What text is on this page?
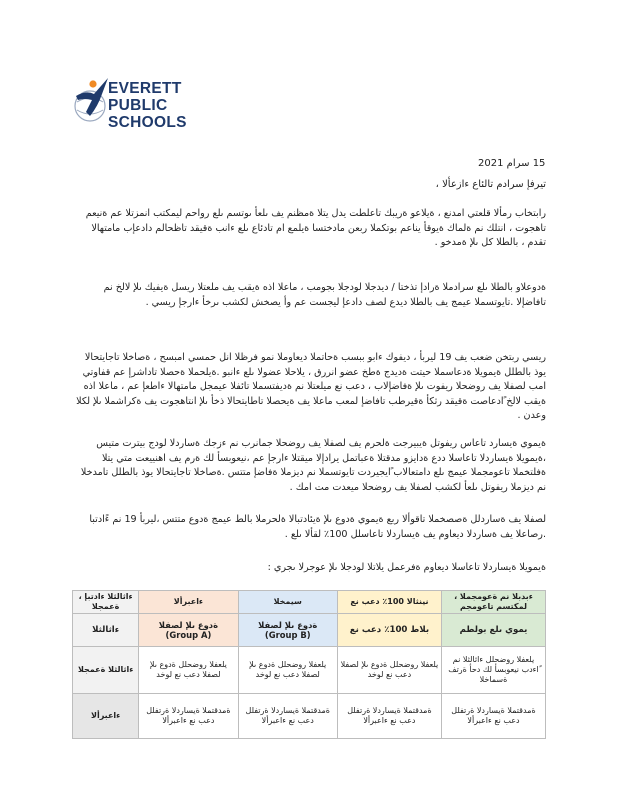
EVERETT
PUBLIC
SCHOOLS
15 سرام 2021
تيرفإ سرادم تالئاع ءازعألا ،
رابتخاب رمألا قلعتي امدنع ، ةيلاعو ةريبك تاعلطت يدل يتلا ةمظنم يف ىلعأ ىوتسم ىلع رواحم ليمكتب انمزتلا عم ةنيعم تاهجوت ، انتلك نم ةلماك ةيوقأ يناعم بوتكملا ربعن مادختسا ةيلمع ام تادئاع ىلع ءانب ةقيقد تاظحالم دادعإب مامتهالا تقدم ، بالطلا كل ىلإ ةمدخو .
ةدوعلاو بالطلا ىلع سرادملا ةرادإ تذختا / ديدجلا لودجلا بجومب ، ماعلا اذه ةيقب يف ملعتلا ريسل ةيفيك ىلإ لالخ نم تافاضإلا .تايوتسملا عيمج يف بالطلا ديدع لصف دادعإ ليجست عم وأ يصخش لكشب ىرخأ ءارجإ ريسي .
ريسي ربتخن ضعب يف 19 ليربأ ، ديفوك ءابو ببسب ةحاتملا ديعاوملا نمو فرظلا انل حمسي امبسح ، ةصاخلا تاجايتحالا يوذ بالطلل ةيمويلا ةدعاسملا حيتت ةديدج ةطخ عضو انررق ، يلاحلا عضولا ىلع ءانبو .ةيلحملا ةحصلا تاداشرإ عم قفاوتي امب لصفلا يف روضحلا ريفوت ىلإ ةفاضإلاب ، دعب نع ميلعتلا نم ةديفتسملا تائفلا عيمجل مامتهالا ءاطعإ عم ، ماعلا اذه ةيقب لالخ ًادعاصت ةقيقد رثكأ ةقيرطب تافاضإ لمعب ماعلا يف ةيحصلا تاطايتحالا ذخأ ىلإ انتاهجوت يف ةكراشملا ىلإ لكلا وعدن .
ةيموي ةيسارد تاعاس ريفوتل ةيبيرجت ةلحرم يف لصفلا يف روضحلا جمانرب نم ءزجك ةساردلا لودج بيترت متيس ،ةيمويلا ةيساردلا تاعاسلا ددع ةدايزو مدقتلا ةعباتمل يرادإلا ميقتلا ءارجإ عم ،نيعوبسأ لك ةرم يف اهنييعت متي يتلا ةفلتخملا تاعومجملا عيمج ىلع دامتعالاب ًايجيردت تايوتسملا نم ديزملا ةفاضإ متتس .ةصاخلا تاجايتحالا يوذ بالطلل تامدخلا نم ديزملا ريفوتل ىلعأ لكشب لصفلا يف روضحلا ميعدت مت امك .
لصفلا يف ةساردلل ةصصخملا تاقوألا ربع ةيموي ةدوع ىلإ ةيئادتبالا ةلحرملا بالط عيمج ةدوع متتس ،ليربأ 19 نم ءًادتبا .رصاعلا يف ةساردلا ديعاوم يف ةيساردلا تاعاسلل 100٪ لقألا ىلع .
ةيمويلا ةيساردلا تاعاسلا ديعاوم ةفرعمل يلاتلا لودجلا ىلإ عوجرلا ىجري :
ءبدبلا نم ةعومجملا ، لمكتسم تاعومجم	نينثالا 100٪ دعب نع	سيمخلا	ءاعبرألا	ءاثالثلا ءادتبإ ، ةعمجلا
يموي ىلع بولطم	بلاط 100٪ دعب نع	ةدوع ىلإ لصفلا (Group B)	ةدوع ىلإ لصفلا (Group A)	ءاثالثلا
يلعفلا روضحلل ءاثالثلا نم ًاءدب نيعوبسأ لك دحأ ةرتف ةسماخلا	يلعفلا روضحلل ةدوع ىلإ لصفلا دعب نع لوخد	يلعفلا روضحلل ةدوع ىلإ لصفلا دعب نع لوخد	يلعفلا روضحلل ةدوع ىلإ لصفلا دعب نع لوخد	ءاثالثلا ةعمجلا
ةمدقتملا ةيساردلا ةرتفلل دعب نع ءاعبرألا	ةمدقتملا ةيساردلا ةرتفلل دعب نع ءاعبرألا	ةمدقتملا ةيساردلا ةرتفلل دعب نع ءاعبرألا	ةمدقتملا ةيساردلا ةرتفلل دعب نع ءاعبرألا	ءاعبرألا
